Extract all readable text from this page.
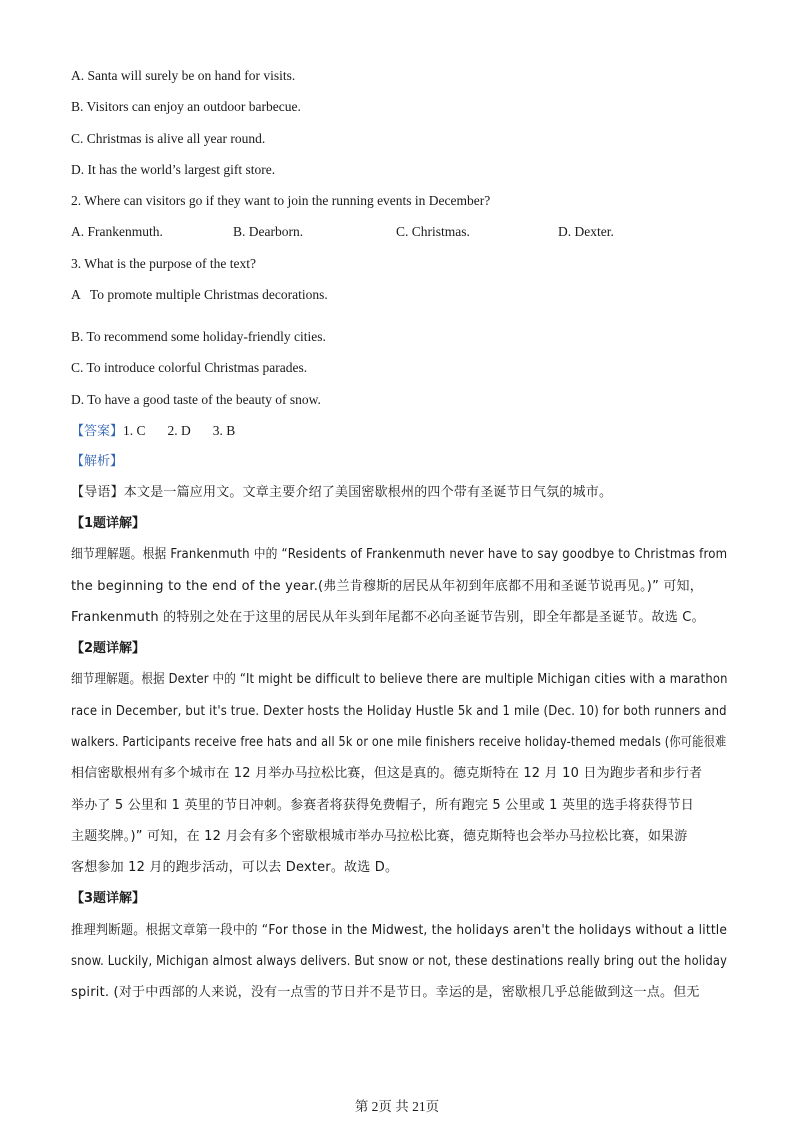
A. Santa will surely be on hand for visits.
B. Visitors can enjoy an outdoor barbecue.
C. Christmas is alive all year round.
D. It has the world’s largest gift store.
2. Where can visitors go if they want to join the running events in December?
A. Frankenmuth.	B. Dearborn.	C. Christmas.	D. Dexter.
3. What is the purpose of the text?
A   To promote multiple Christmas decorations.
B. To recommend some holiday-friendly cities.
C. To introduce colorful Christmas parades.
D. To have a good taste of the beauty of snow.
【答案】1. C 2. D 3. B
【解析】
【导语】本文是一篇应用文。文章主要介绍了美国密歇根州的四个带有圣诞节日气氛的城市。
【1题详解】
细节理解题。根据 Frankenmuth 中的 “Residents of Frankenmuth never have to say goodbye to Christmas from
the beginning to the end of the year.(弗兰肯穆斯的居民从年初到年底都不用和圣诞节说再见。)” 可知，
Frankenmuth 的特别之处在于这里的居民从年头到年尾都不必向圣诞节告别，即全年都是圣诞节。故选 C。
【2题详解】
细节理解题。根据 Dexter 中的 “It might be difficult to believe there are multiple Michigan cities with a marathon
race in December, but it's true. Dexter hosts the Holiday Hustle 5k and 1 mile (Dec. 10) for both runners and
walkers. Participants receive free hats and all 5k or one mile finishers receive holiday-themed medals (你可能很难
相信密歇根州有多个城市在 12 月举办马拉松比赛，但这是真的。德克斯特在 12 月 10 日为跑步者和步行者
举办了 5 公里和 1 英里的节日冲刺。参赛者将获得免费帽子，所有跑完 5 公里或 1 英里的选手将获得节日
主题奖牌。)” 可知，在 12 月会有多个密歇根城市举办马拉松比赛，德克斯特也会举办马拉松比赛，如果游
客想参加 12 月的跑步活动，可以去 Dexter。故选 D。
【3题详解】
推理判断题。根据文章第一段中的 “For those in the Midwest, the holidays aren't the holidays without a little
snow. Luckily, Michigan almost always delivers. But snow or not, these destinations really bring out the holiday
spirit. (对于中西部的人来说，没有一点雪的节日并不是节日。幸运的是，密歇根几乎总能做到这一点。但无
第 2页 共 21页
